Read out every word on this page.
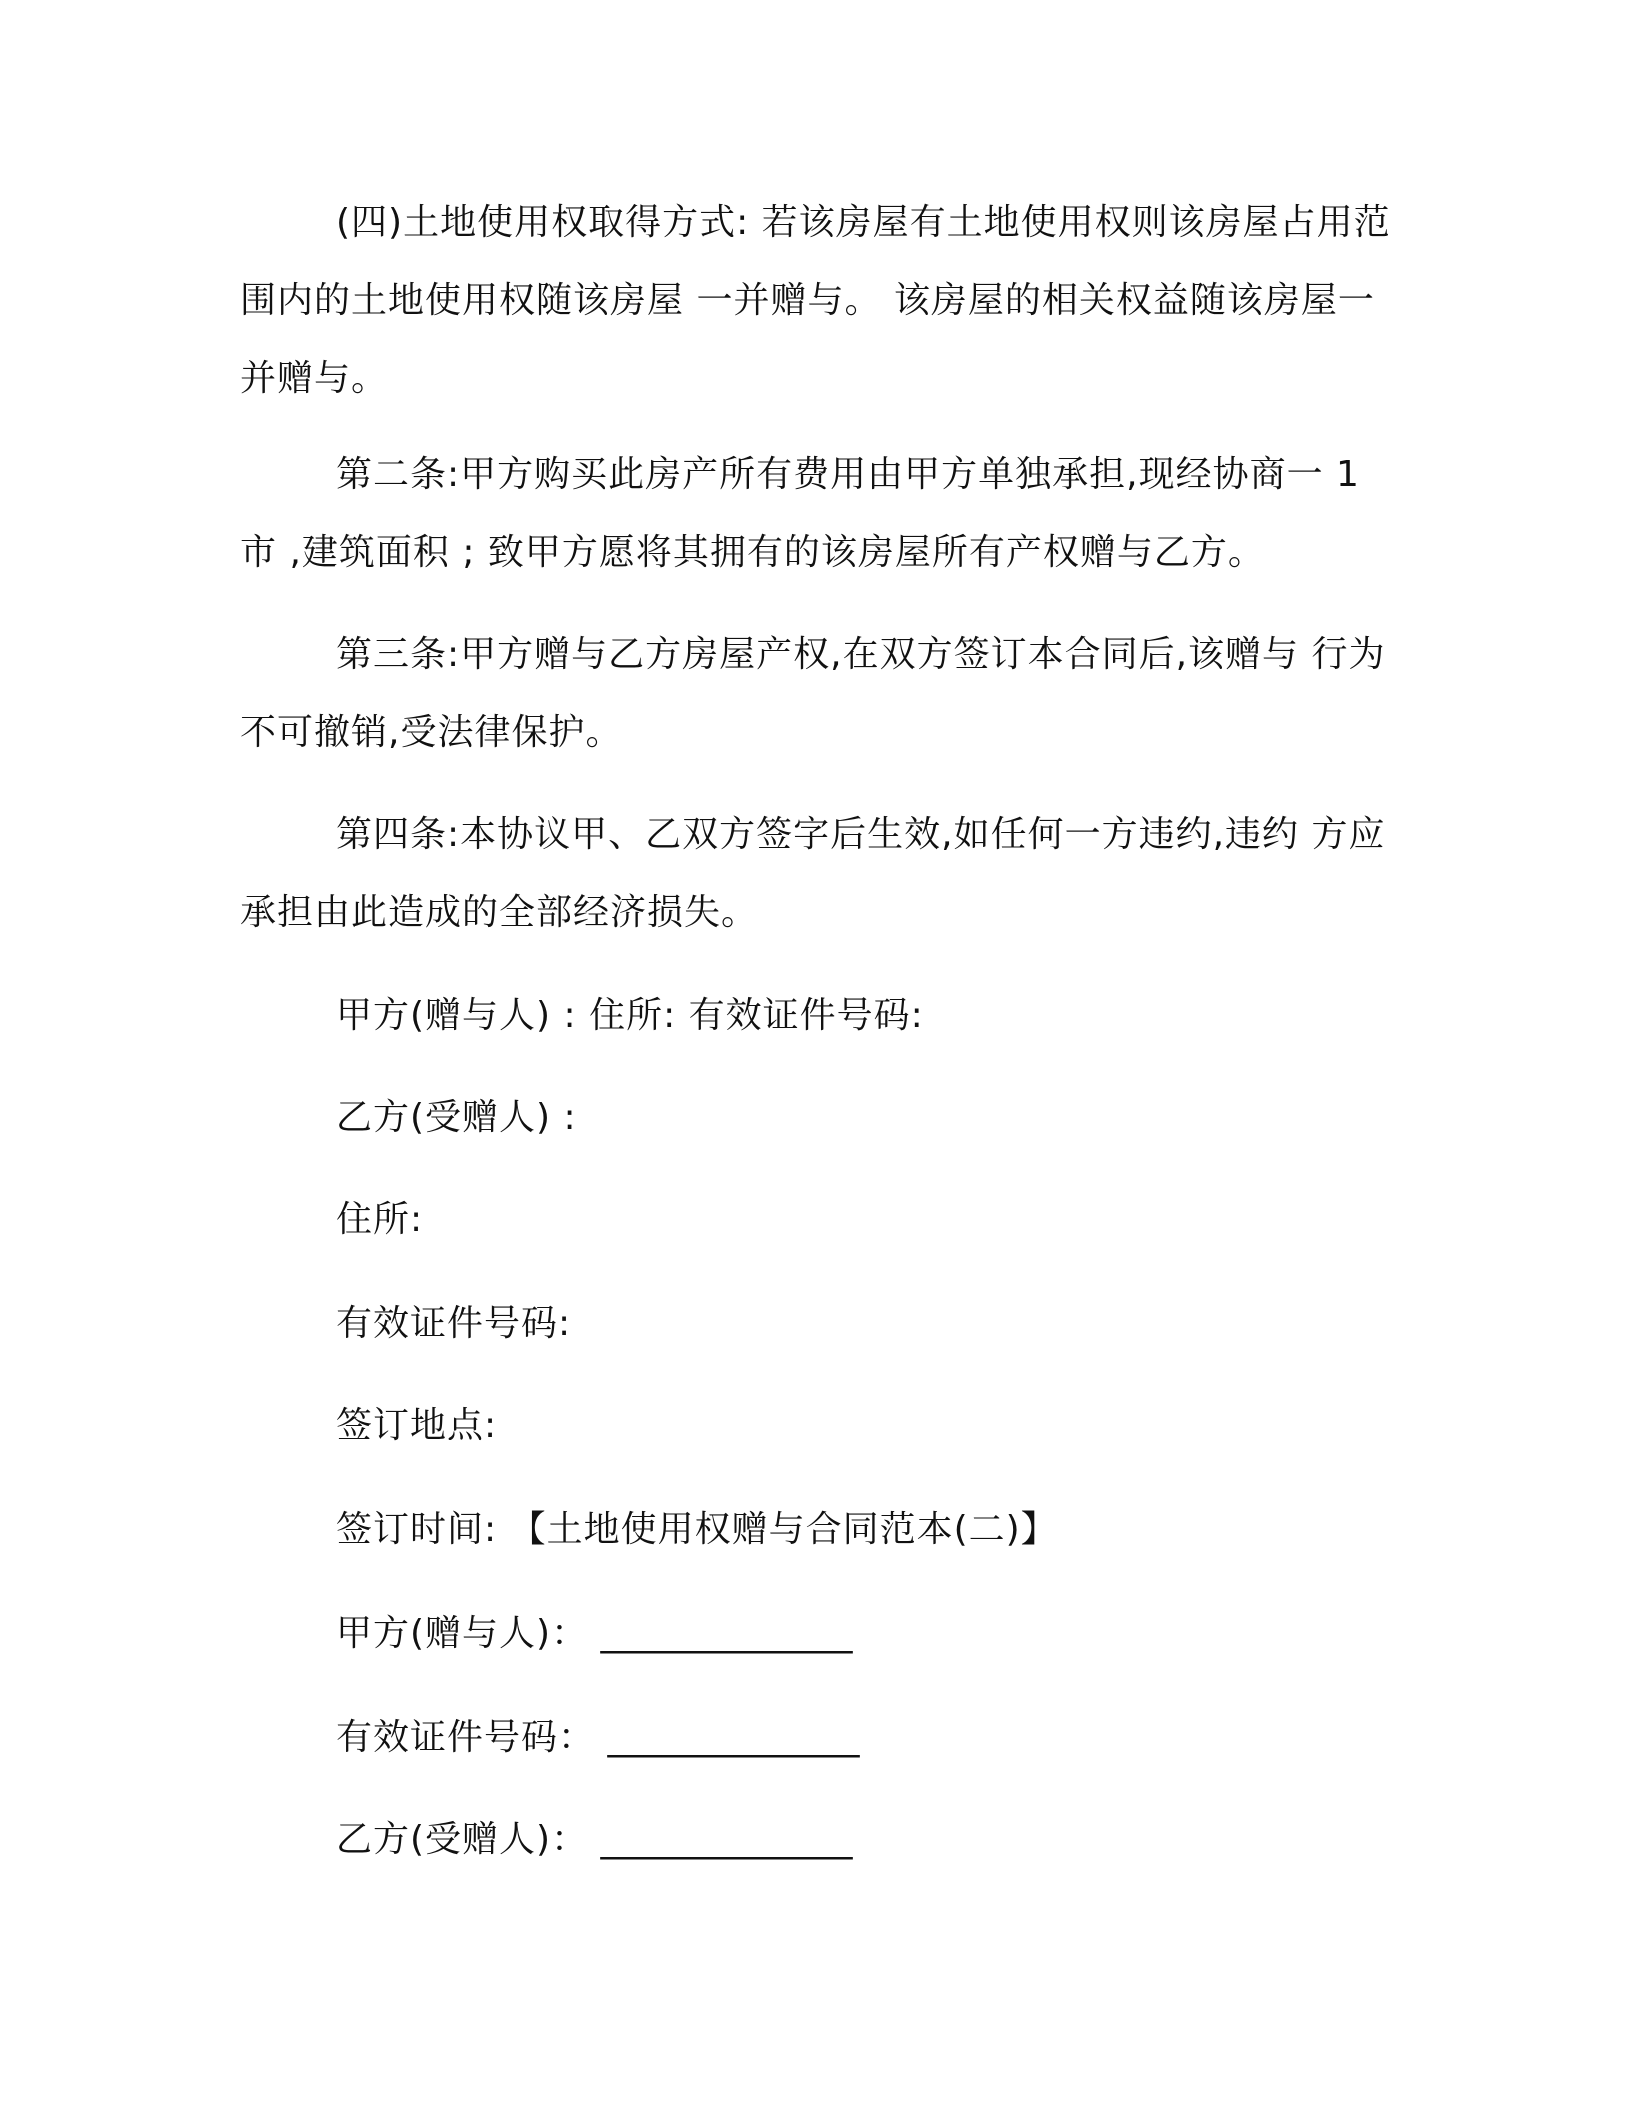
(四)土地使用权取得方式: 若该房屋有土地使用权则该房屋占用范围内的土地使用权随该房屋 一并赠与。 该房屋的相关权益随该房屋一并赠与。

第二条:甲方购买此房产所有费用由甲方单独承担,现经协商一 1 市 ,建筑面积 ; 致甲方愿将其拥有的该房屋所有产权赠与乙方。

第三条:甲方赠与乙方房屋产权,在双方签订本合同后,该赠与 行为不可撤销,受法律保护。

第四条:本协议甲、乙双方签字后生效,如任何一方违约,违约 方应承担由此造成的全部经济损失。

甲方(赠与人) : 住所: 有效证件号码:
乙方(受赠人) :
住所:
有效证件号码:
签订地点:
签订时间: 【土地使用权赠与合同范本(二)】
甲方(赠与人)： ______________
有效证件号码： ______________
乙方(受赠人)： ______________
